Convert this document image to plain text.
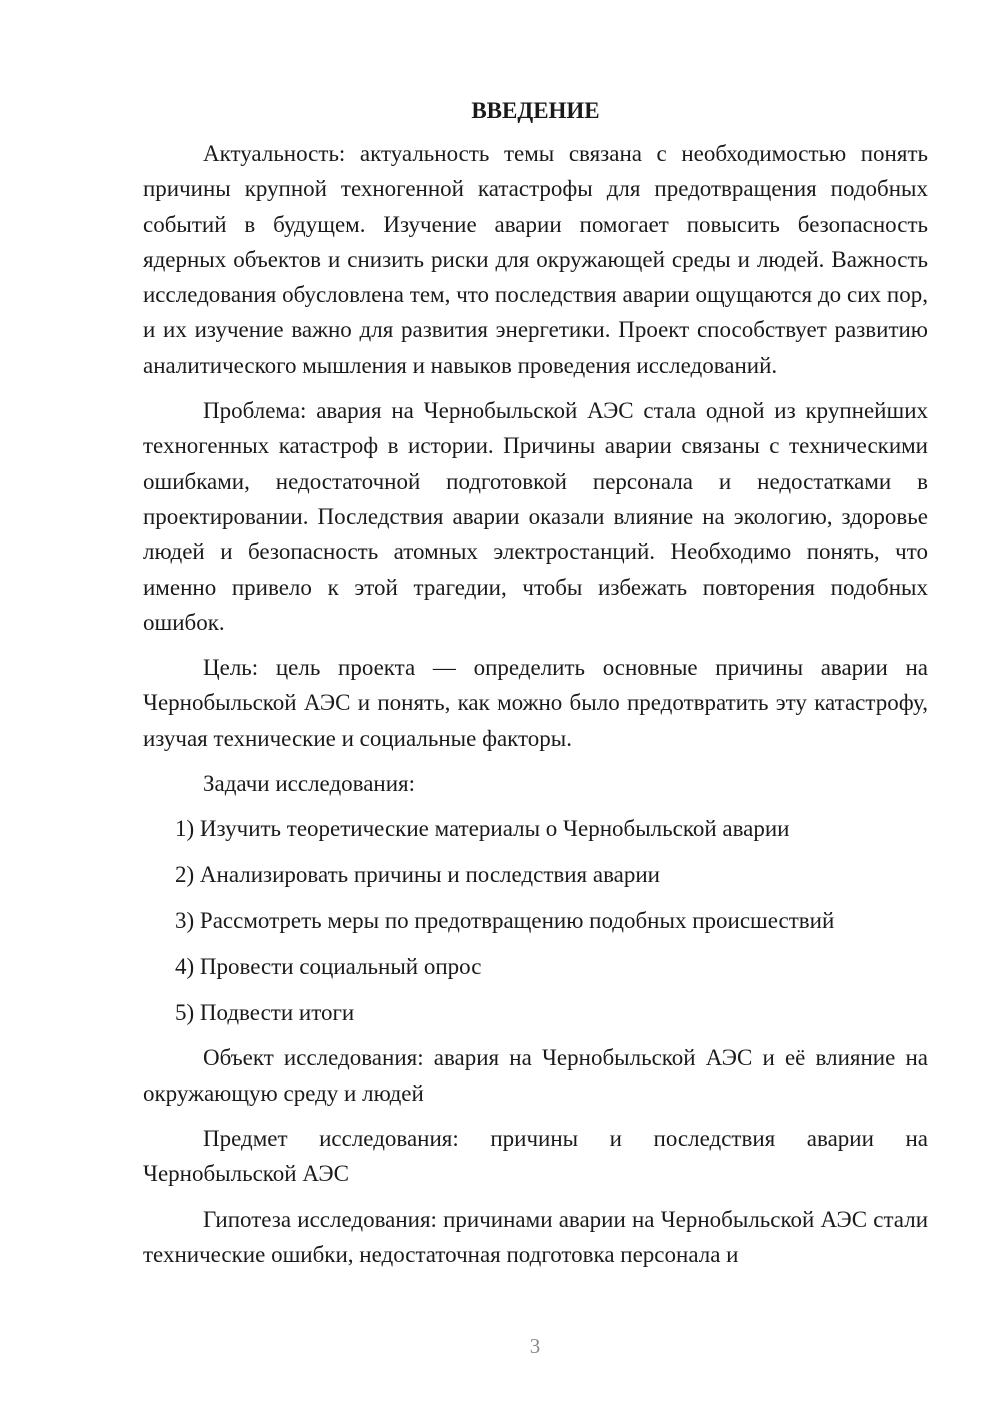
ВВЕДЕНИЕ

Актуальность: актуальность темы связана с необходимостью понять причины крупной техногенной катастрофы для предотвращения подобных событий в будущем. Изучение аварии помогает повысить безопасность ядерных объектов и снизить риски для окружающей среды и людей. Важность исследования обусловлена тем, что последствия аварии ощущаются до сих пор, и их изучение важно для развития энергетики. Проект способствует развитию аналитического мышления и навыков проведения исследований.

Проблема: авария на Чернобыльской АЭС стала одной из крупнейших техногенных катастроф в истории. Причины аварии связаны с техническими ошибками, недостаточной подготовкой персонала и недостатками в проектировании. Последствия аварии оказали влияние на экологию, здоровье людей и безопасность атомных электростанций. Необходимо понять, что именно привело к этой трагедии, чтобы избежать повторения подобных ошибок.

Цель: цель проекта — определить основные причины аварии на Чернобыльской АЭС и понять, как можно было предотвратить эту катастрофу, изучая технические и социальные факторы.

Задачи исследования:

1) Изучить теоретические материалы о Чернобыльской аварии
2) Анализировать причины и последствия аварии
3) Рассмотреть меры по предотвращению подобных происшествий
4) Провести социальный опрос
5) Подвести итоги

Объект исследования: авария на Чернобыльской АЭС и её влияние на окружающую среду и людей

Предмет исследования: причины и последствия аварии на Чернобыльской АЭС

Гипотеза исследования: причинами аварии на Чернобыльской АЭС стали технические ошибки, недостаточная подготовка персонала и

3
